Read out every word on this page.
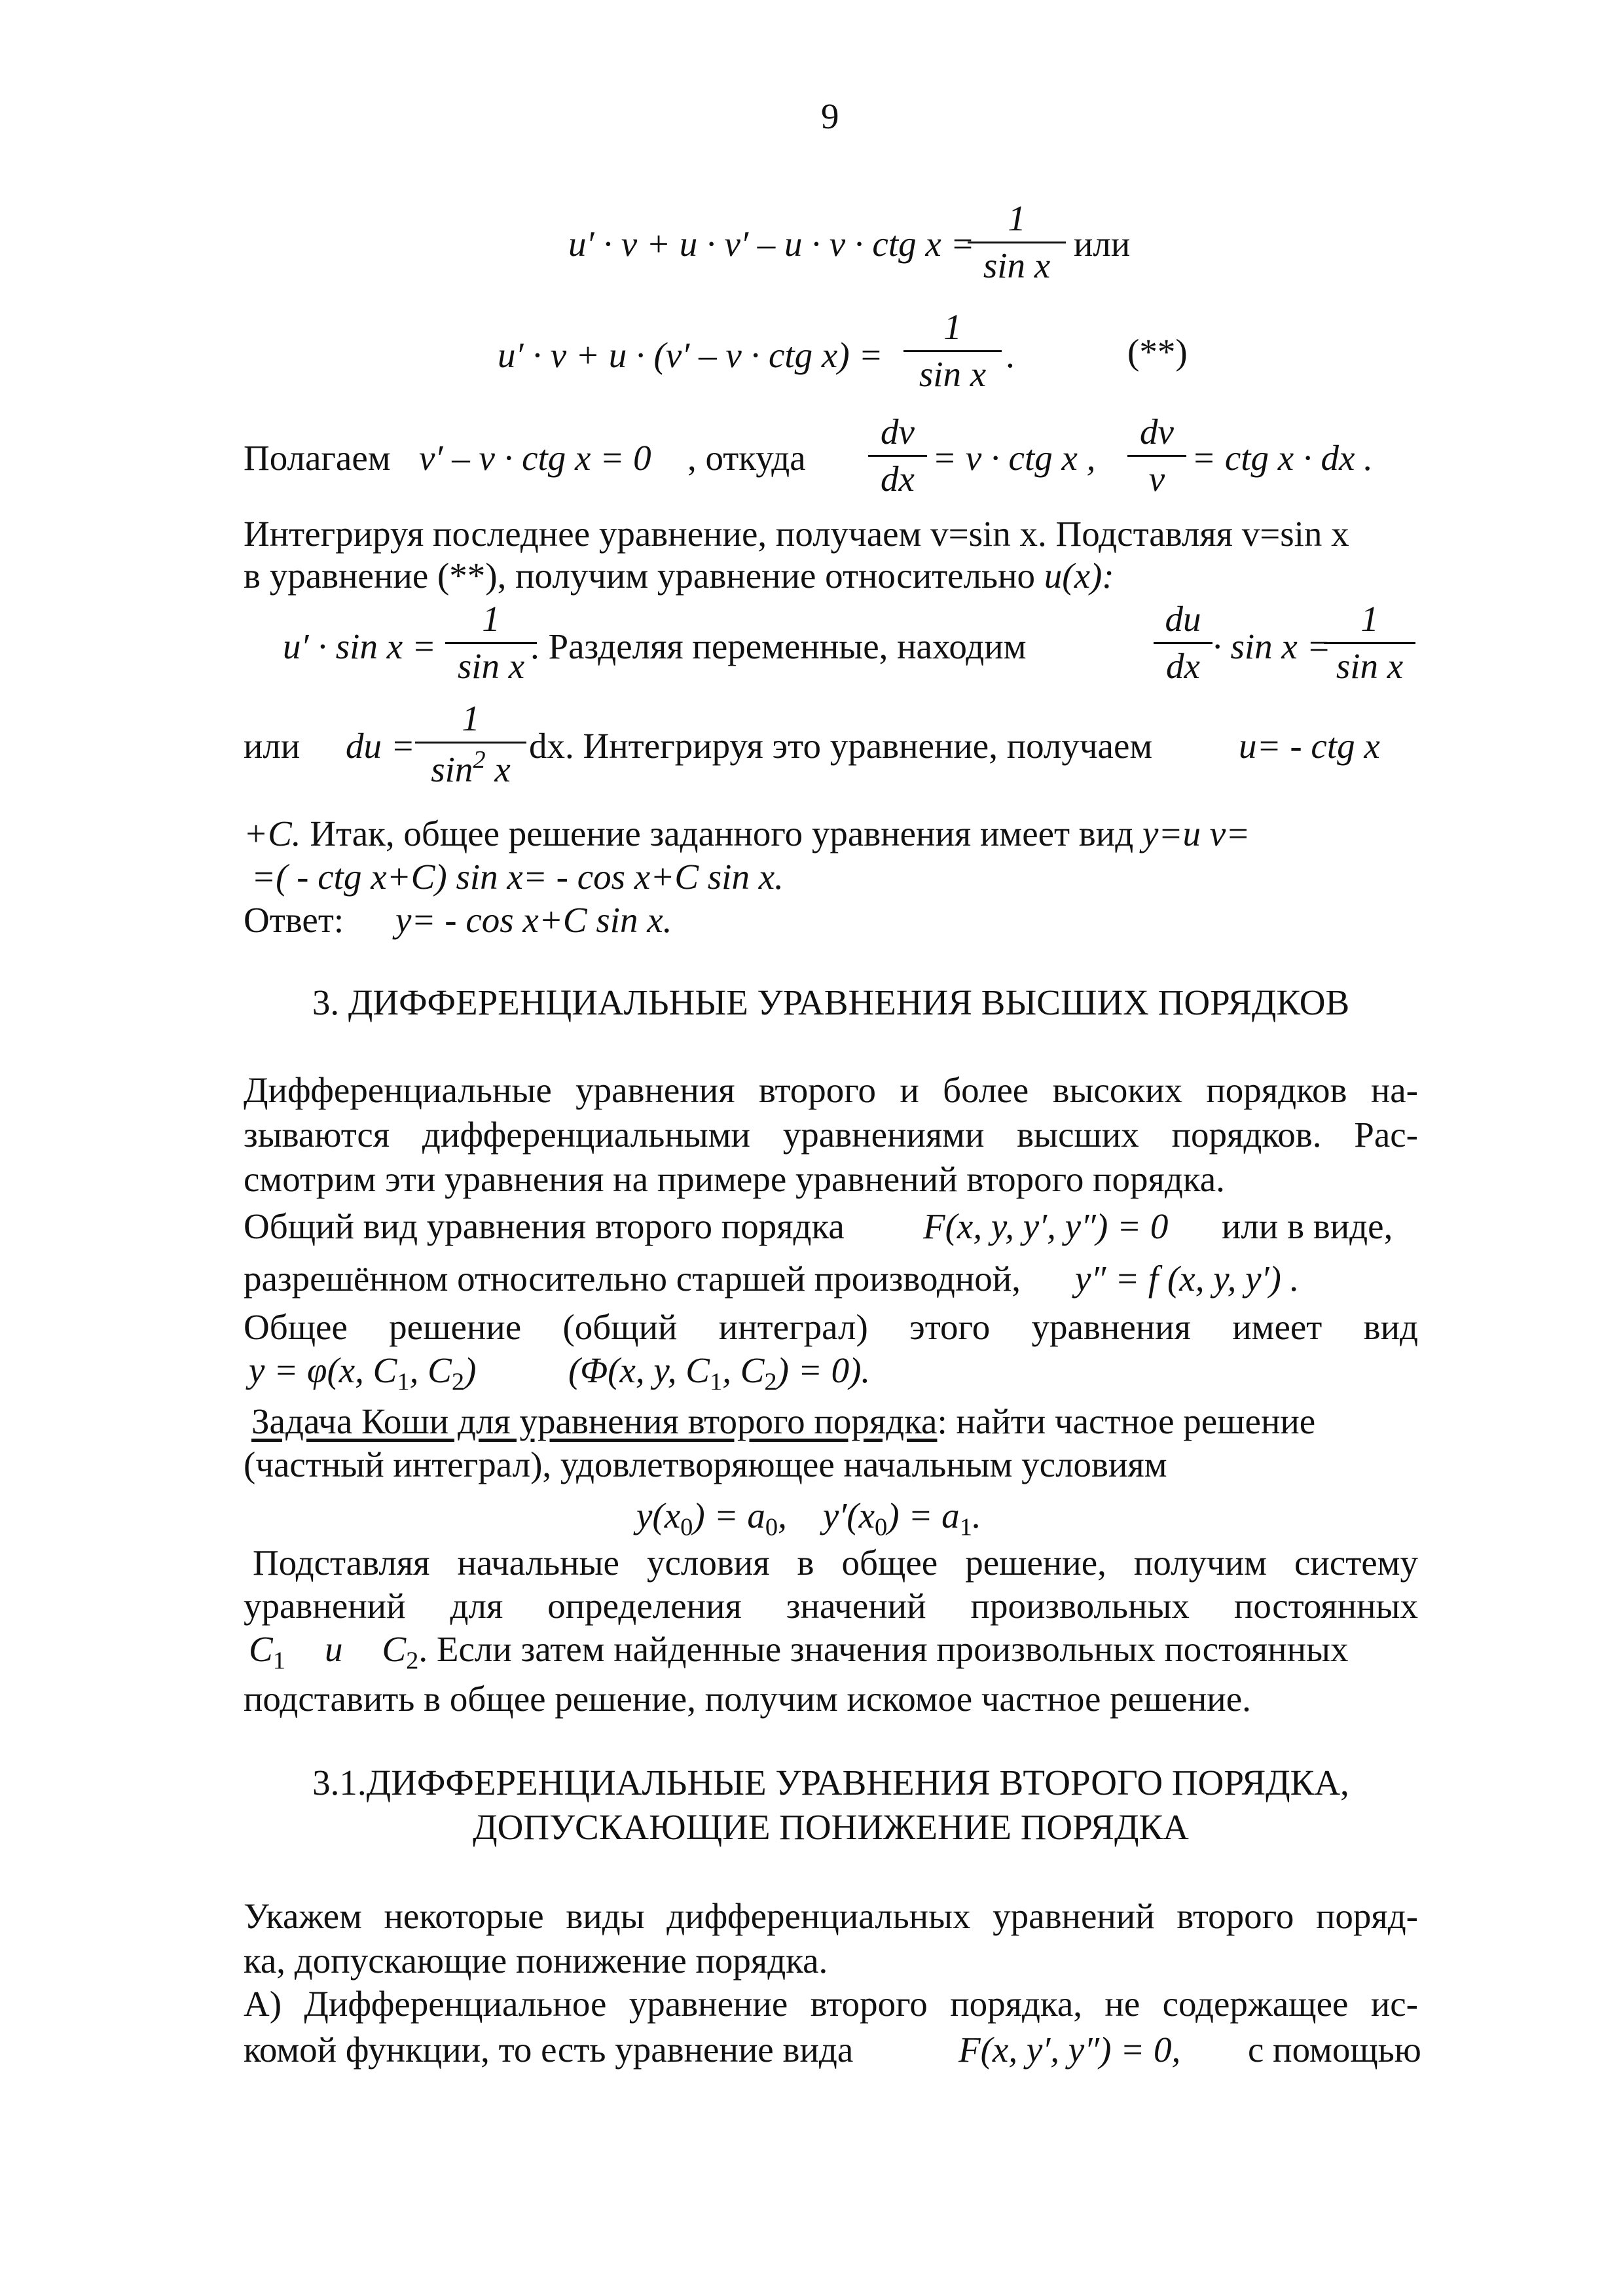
9
u′ · v + u · v′ – u · v · ctg x =
$\frac{1}{\text{sin x}}$ или
u′ · v + u · (v′ – v · ctg $x) = \frac{1}{\text{sin x}}$ .	(**)
Полагаем v′ – v · ctg x = 0 , откуда $\frac{dv}{dx} = v$ · ctg x , $\frac{dv}{v}$ = ctg x · dx .
Интегрируя последнее уравнение, получаем v=sin x. Подставляя v=sin x
в уравнение (**), получим уравнение относительно u(x):
$u' \cdot \sin x = \frac{1}{\text{sin x}}$
. Разделяя переменные, находим	$\frac{du}{dx} \cdot \sin x$ =
$\frac{1}{\text{sin x}}$
или du = $\frac{1}{\sin^2 x}$ dx. Интегрируя это уравнение, получаем u= - ctg x
+C. Итак, общее решение заданного уравнения имеет вид y=u v=
=( - ctg x+C) sin x= - cos x+C sin x.
Ответ: y= - cos x+C sin x.
3. ДИФФЕРЕНЦИАЛЬНЫЕ УРАВНЕНИЯ ВЫСШИХ ПОРЯДКОВ
Дифференциальные уравнения второго и более высоких порядков на-
зываются дифференциальными уравнениями высших порядков. Рас-
смотрим эти уравнения на примере уравнений второго порядка.
Общий вид уравнения второго порядка F(x, y, y′, y″) = 0 или в виде,
разрешённом относительно старшей производной, y″ = f (x, y, y′) .
Общее решение (общий интеграл) этого уравнения имеет вид
y = φ(x, $C_1$, $C_2$)	(Φ(x, y, $C_1$, $C_2) = 0$).
Задача Коши для уравнения второго порядка: найти частное решение
(частный интеграл), удовлетворяющее начальным условиям
$y(x_0) = a_0$,    $y'(x_0) = a_1$.
Подставляя начальные условия в общее решение, получим систему
уравнений для определения значений произвольных постоянных
$C_1$ и $C_2$. Если затем найденные значения произвольных постоянных
подставить в общее решение, получим искомое частное решение.
3.1.ДИФФЕРЕНЦИАЛЬНЫЕ УРАВНЕНИЯ ВТОРОГО ПОРЯДКА,
ДОПУСКАЮЩИЕ ПОНИЖЕНИЕ ПОРЯДКА
Укажем некоторые виды дифференциальных уравнений второго поряд-
ка, допускающие понижение порядка.
А) Дифференциальное уравнение второго порядка, не содержащее ис-
комой функции, то есть уравнение вида	F(x, y′, y″) = 0, с помощью
